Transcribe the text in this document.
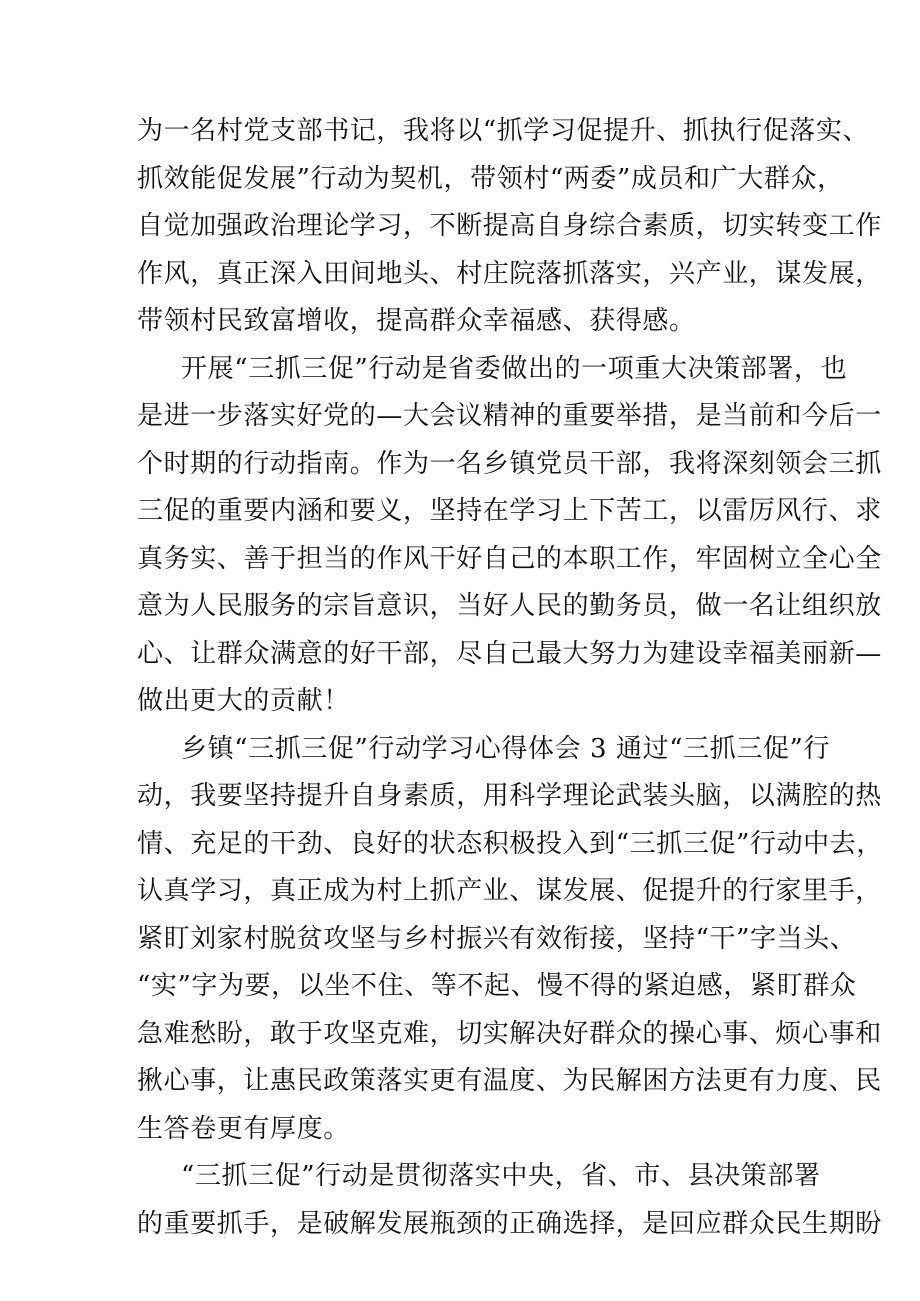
为一名村党支部书记，我将以“抓学习促提升、抓执行促落实、
抓效能促发展”行动为契机，带领村“两委”成员和广大群众，
自觉加强政治理论学习，不断提高自身综合素质，切实转变工作
作风，真正深入田间地头、村庄院落抓落实，兴产业，谋发展，
带领村民致富增收，提高群众幸福感、获得感。
开展“三抓三促”行动是省委做出的一项重大决策部署，也
是进一步落实好党的—大会议精神的重要举措，是当前和今后一
个时期的行动指南。作为一名乡镇党员干部，我将深刻领会三抓
三促的重要内涵和要义，坚持在学习上下苦工，以雷厉风行、求
真务实、善于担当的作风干好自己的本职工作，牢固树立全心全
意为人民服务的宗旨意识，当好人民的勤务员，做一名让组织放
心、让群众满意的好干部，尽自己最大努力为建设幸福美丽新—
做出更大的贡献！
乡镇“三抓三促”行动学习心得体会 3 通过“三抓三促”行
动，我要坚持提升自身素质，用科学理论武装头脑，以满腔的热
情、充足的干劲、良好的状态积极投入到“三抓三促”行动中去，
认真学习，真正成为村上抓产业、谋发展、促提升的行家里手，
紧盯刘家村脱贫攻坚与乡村振兴有效衔接，坚持“干”字当头、
“实”字为要，以坐不住、等不起、慢不得的紧迫感，紧盯群众
急难愁盼，敢于攻坚克难，切实解决好群众的操心事、烦心事和
揪心事，让惠民政策落实更有温度、为民解困方法更有力度、民
生答卷更有厚度。
“三抓三促”行动是贯彻落实中央，省、市、县决策部署
的重要抓手，是破解发展瓶颈的正确选择，是回应群众民生期盼
